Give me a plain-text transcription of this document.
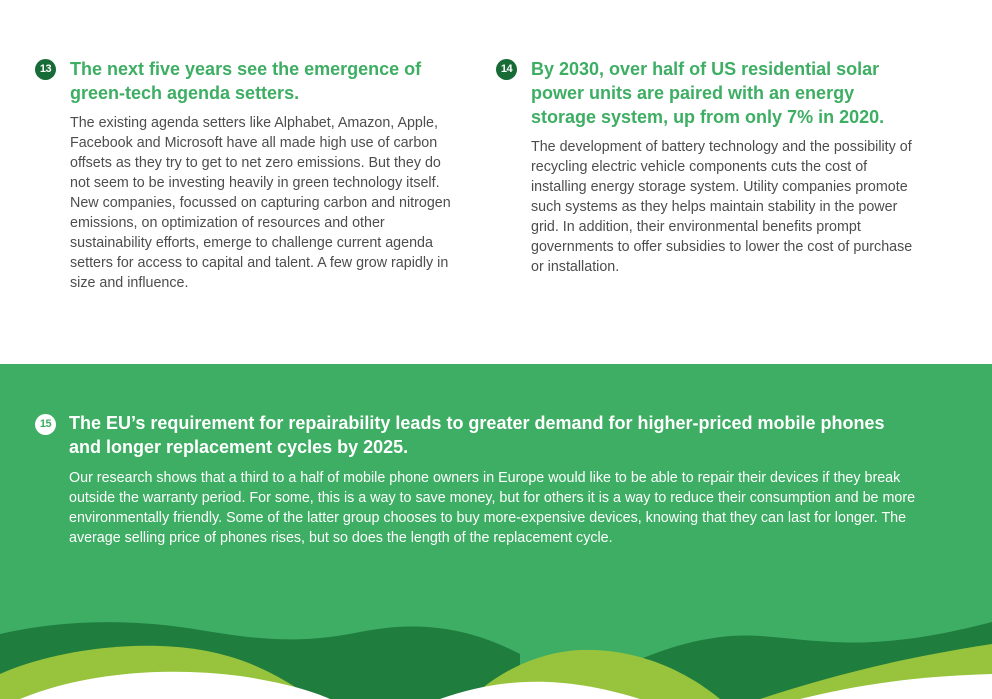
13 The next five years see the emergence of green-tech agenda setters.

The existing agenda setters like Alphabet, Amazon, Apple, Facebook and Microsoft have all made high use of carbon offsets as they try to get to net zero emissions. But they do not seem to be investing heavily in green technology itself. New companies, focussed on capturing carbon and nitrogen emissions, on optimization of resources and other sustainability efforts, emerge to challenge current agenda setters for access to capital and talent. A few grow rapidly in size and influence.

14 By 2030, over half of US residential solar power units are paired with an energy storage system, up from only 7% in 2020.

The development of battery technology and the possibility of recycling electric vehicle components cuts the cost of installing energy storage system. Utility companies promote such systems as they helps maintain stability in the power grid. In addition, their environmental benefits prompt governments to offer subsidies to lower the cost of purchase or installation.

15 The EU’s requirement for repairability leads to greater demand for higher-priced mobile phones and longer replacement cycles by 2025.

Our research shows that a third to a half of mobile phone owners in Europe would like to be able to repair their devices if they break outside the warranty period. For some, this is a way to save money, but for others it is a way to reduce their consumption and be more environmentally friendly. Some of the latter group chooses to buy more-expensive devices, knowing that they can last for longer. The average selling price of phones rises, but so does the length of the replacement cycle.
